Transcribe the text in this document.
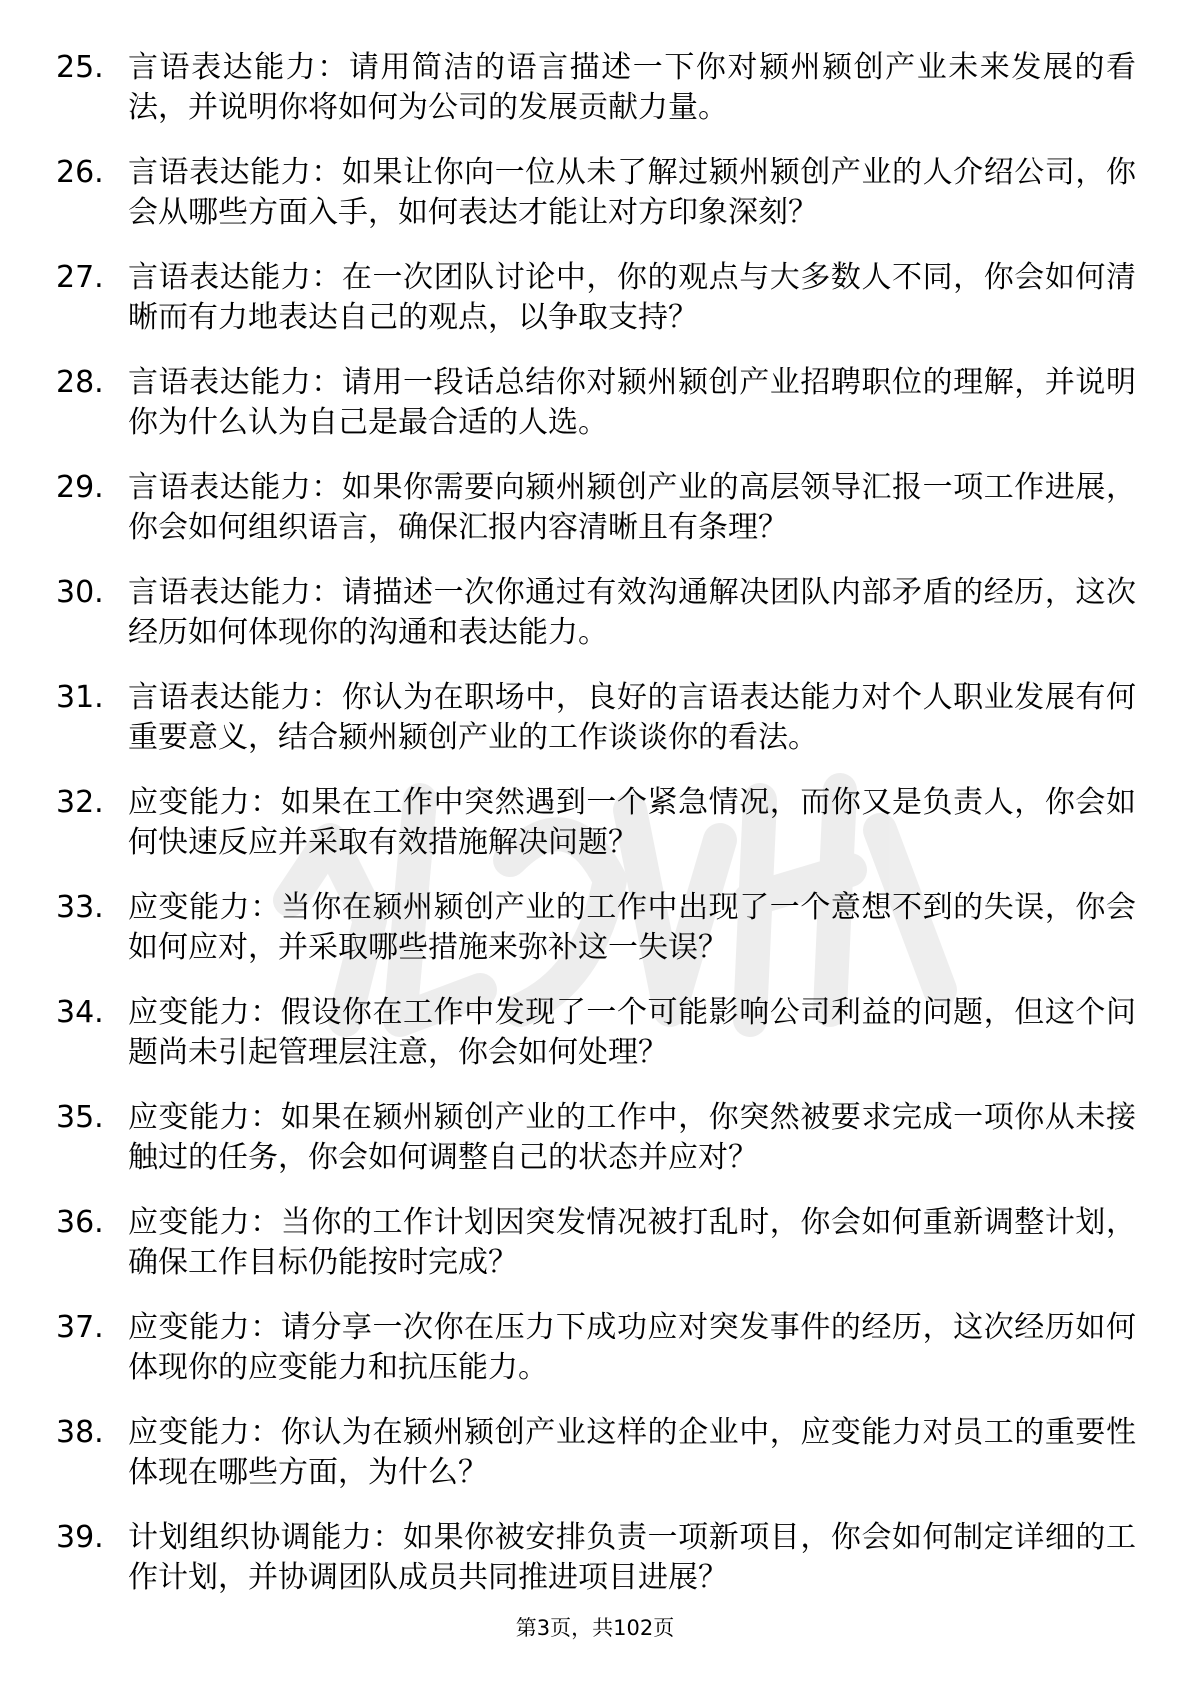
25. 言语表达能力：请用简洁的语言描述一下你对颍州颍创产业未来发展的看法，并说明你将如何为公司的发展贡献力量。
26. 言语表达能力：如果让你向一位从未了解过颍州颍创产业的人介绍公司，你会从哪些方面入手，如何表达才能让对方印象深刻？
27. 言语表达能力：在一次团队讨论中，你的观点与大多数人不同，你会如何清晰而有力地表达自己的观点，以争取支持？
28. 言语表达能力：请用一段话总结你对颍州颍创产业招聘职位的理解，并说明你为什么认为自己是最合适的人选。
29. 言语表达能力：如果你需要向颍州颍创产业的高层领导汇报一项工作进展，你会如何组织语言，确保汇报内容清晰且有条理？
30. 言语表达能力：请描述一次你通过有效沟通解决团队内部矛盾的经历，这次经历如何体现你的沟通和表达能力。
31. 言语表达能力：你认为在职场中，良好的言语表达能力对个人职业发展有何重要意义，结合颍州颍创产业的工作谈谈你的看法。
32. 应变能力：如果在工作中突然遇到一个紧急情况，而你又是负责人，你会如何快速反应并采取有效措施解决问题？
33. 应变能力：当你在颍州颍创产业的工作中出现了一个意想不到的失误，你会如何应对，并采取哪些措施来弥补这一失误？
34. 应变能力：假设你在工作中发现了一个可能影响公司利益的问题，但这个问题尚未引起管理层注意，你会如何处理？
35. 应变能力：如果在颍州颍创产业的工作中，你突然被要求完成一项你从未接触过的任务，你会如何调整自己的状态并应对？
36. 应变能力：当你的工作计划因突发情况被打乱时，你会如何重新调整计划，确保工作目标仍能按时完成？
37. 应变能力：请分享一次你在压力下成功应对突发事件的经历，这次经历如何体现你的应变能力和抗压能力。
38. 应变能力：你认为在颍州颍创产业这样的企业中，应变能力对员工的重要性体现在哪些方面，为什么？
39. 计划组织协调能力：如果你被安排负责一项新项目，你会如何制定详细的工作计划，并协调团队成员共同推进项目进展？
第3页，共102页
